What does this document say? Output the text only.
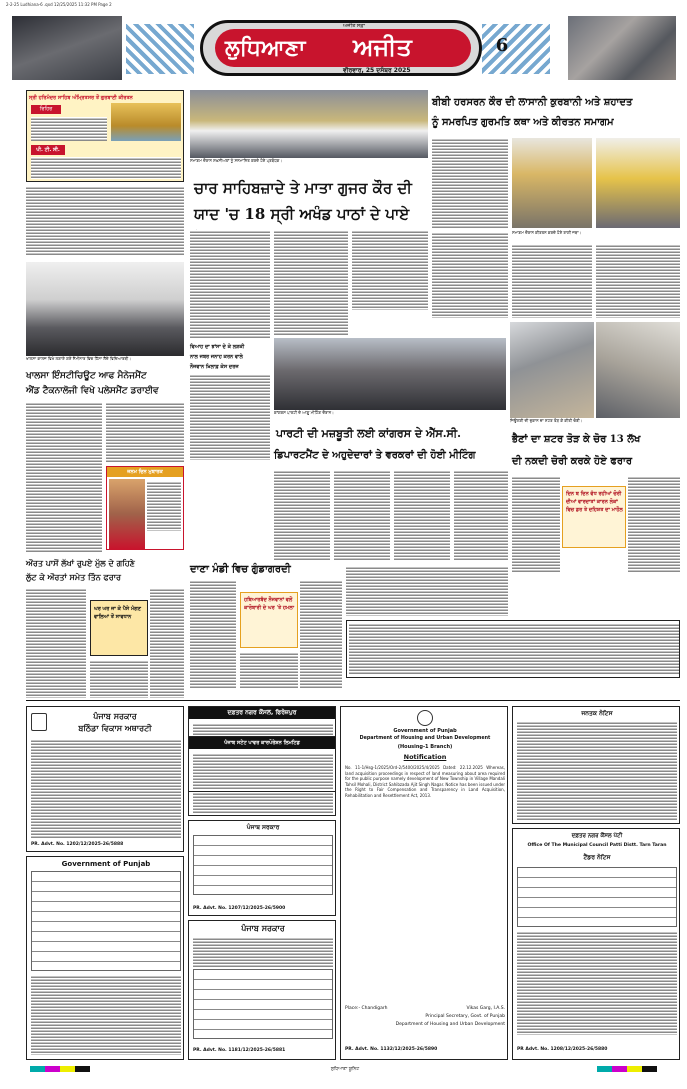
2-2-25 Ludhiana-6 .qxd 12/25/2025 11:32 PM Page 2
ਲੁਧਿਆਣਾ	ਅਜੀਤ
ਅਜੀਤ ਸਫ਼ਾ
ਵੀਰਵਾਰ, 25 ਦਸੰਬਰ 2025
6
ਸ੍ਰੀ ਹਰਿਮੰਦਰ ਸਾਹਿਬ ਅੰਮ੍ਰਿਤਸਰ ਤੋਂ ਗੁਰਬਾਣੀ ਕੀਰਤਨ
ਰਿਹਿਰ
ਪੀ. ਟੀ. ਸੀ.
ਖਾਲਸਾ ਕਾਲਜ ਵਿਖੇ ਲਗਾਏ ਗਏ ਸੈਮੀਨਾਰ ਵਿਚ ਹਿੱਸਾ ਲੈਂਦੇ ਵਿਦਿਆਰਥੀ।
ਖਾਲਸਾ ਇੰਸਟੀਚਿਊਟ ਆਫ ਮੈਨੇਜਮੈਂਟ
ਐਂਡ ਟੈਕਨਾਲੋਜੀ ਵਿਖੇ ਪਲੇਸਮੈਂਟ ਡਰਾਈਵ
ਜਨਮ ਦਿਨ ਮੁਬਾਰਕ
ਔਰਤ ਪਾਸੋਂ ਲੱਖਾਂ ਰੁਪਏ ਮੁੱਲ ਦੇ ਗਹਿਣੇ
ਲੁੱਟ ਕੇ ਔਰਤਾਂ ਸਮੇਤ ਤਿੰਨ ਫਰਾਰ
ਘਰ ਘਰ ਜਾ ਕੇ ਪੈਸੇ ਮੰਗਣ ਵਾਲਿਆਂ ਤੋਂ ਸਾਵਧਾਨ
ਸਮਾਗਮ ਦੌਰਾਨ ਸ਼ਖ਼ਸੀਅਤਾਂ ਨੂੰ ਸਨਮਾਨਿਤ ਕਰਦੇ ਹੋਏ ਪ੍ਰਬੰਧਕ।
ਚਾਰ ਸਾਹਿਬਜ਼ਾਦੇ ਤੇ ਮਾਤਾ ਗੁਜਰ ਕੌਰ ਦੀ
ਯਾਦ 'ਚ 18 ਸ੍ਰੀ ਅਖੰਡ ਪਾਠਾਂ ਦੇ ਪਾਏ
ਵਿਆਹ ਦਾ ਝਾਂਸਾ ਦੇ ਕੇ ਲੜਕੀ
ਨਾਲ ਜਬਰ ਜਨਾਹ ਕਰਨ ਵਾਲੇ
ਨੌਜਵਾਨ ਖ਼ਿਲਾਫ਼ ਕੇਸ ਦਰਜ
ਕਾਂਗਰਸ ਪਾਰਟੀ ਦੇ ਆਗੂ ਮੀਟਿੰਗ ਦੌਰਾਨ।
ਪਾਰਟੀ ਦੀ ਮਜ਼ਬੂਤੀ ਲਈ ਕਾਂਗਰਸ ਦੇ ਐੱਸ.ਸੀ.
ਡਿਪਾਰਟਮੈਂਟ ਦੇ ਅਹੁਦੇਦਾਰਾਂ ਤੇ ਵਰਕਰਾਂ ਦੀ ਹੋਈ ਮੀਟਿੰਗ
ਦਾਣਾ ਮੰਡੀ ਵਿਚ ਗੁੰਡਾਗਰਦੀ
ਹਥਿਆਰਬੰਦ ਨੌਜਵਾਨਾਂ ਵਲੋਂ ਕਾਰੋਬਾਰੀ ਦੇ ਘਰ 'ਤੇ ਹਮਲਾ
ਬੀਬੀ ਹਰਸਰਨ ਕੌਰ ਦੀ ਲਾਸਾਨੀ ਕੁਰਬਾਨੀ ਅਤੇ ਸ਼ਹਾਦਤ
ਨੂੰ ਸਮਰਪਿਤ ਗੁਰਮਤਿ ਕਥਾ ਅਤੇ ਕੀਰਤਨ ਸਮਾਗਮ
ਸਮਾਗਮ ਦੌਰਾਨ ਕੀਰਤਨ ਕਰਦੇ ਹੋਏ ਰਾਗੀ ਜਥਾ।
ਜਿਊਲਰੀ ਦੀ ਦੁਕਾਨ ਦਾ ਸ਼ਟਰ ਤੋੜ ਕੇ ਕੀਤੀ ਚੋਰੀ।
ਭੈਣਾਂ ਦਾ ਸ਼ਟਰ ਤੋੜ ਕੇ ਚੋਰ 13 ਲੱਖ
ਦੀ ਨਕਦੀ ਚੋਰੀ ਕਰਕੇ ਹੋਏ ਫਰਾਰ
ਦਿਨ ਬ ਦਿਨ ਵੱਧ ਰਹੀਆਂ ਚੋਰੀ ਦੀਆਂ ਵਾਰਦਾਤਾਂ ਕਾਰਨ ਲੋਕਾਂ ਵਿਚ ਡਰ ਤੇ ਦਹਿਸ਼ਤ ਦਾ ਮਾਹੌਲ
ਪੰਜਾਬ ਸਰਕਾਰ
ਬਠਿੰਡਾ ਵਿਕਾਸ ਅਥਾਰਟੀ
PR. Advt. No. 1202/12/2025-26/5888
Government of Punjab
ਦਫ਼ਤਰ ਨਗਰ ਕੌਂਸਲ, ਫਿਰੋਜ਼ਪੁਰ
ਪੰਜਾਬ ਸਟੇਟ ਪਾਵਰ ਕਾਰਪੋਰੇਸ਼ਨ ਲਿਮਟਿਡ
ਪੰਜਾਬ ਸਰਕਾਰ
PR. Advt. No. 1207/12/2025-26/5900
ਪੰਜਾਬ ਸਰਕਾਰ
PR. Advt. No. 1181/12/2025-26/5881
Government of Punjab
Department of Housing and Urban Development
(Housing-1 Branch)
Notification
No. 11-1/Hsg-1/2025/Ord-2/5400/2025/4/2025 Dated: 22.12.2025 Whereas, land acquisition proceedings in respect of land measuring about area required for the public purpose namely development of New Township in Village Mandali Tahsil Mohali, District Sahibzada Ajit Singh Nagar. Notice has been issued under the Right to Fair Compensation and Transparency in Land Acquisition, Rehabilitation and Resettlement Act, 2013.
Place:- Chandigarh	Vikas Garg, I.A.S.
Principal Secretary, Govt. of Punjab
Department of Housing and Urban Development
PR. Advt. No. 1132/12/2025-26/5890
ਜਨਤਕ ਨੋਟਿਸ
ਦਫ਼ਤਰ ਨਗਰ ਕੌਂਸਲ ਪੱਟੀ
Office Of The Municipal Council Patti Distt. Tarn Taran
ਟੈਂਡਰ ਨੋਟਿਸ
PR Advt. No. 1208/12/2025-26/5880
ਲੁਧਿਆਣਾ ਯੂਨਿਟ
